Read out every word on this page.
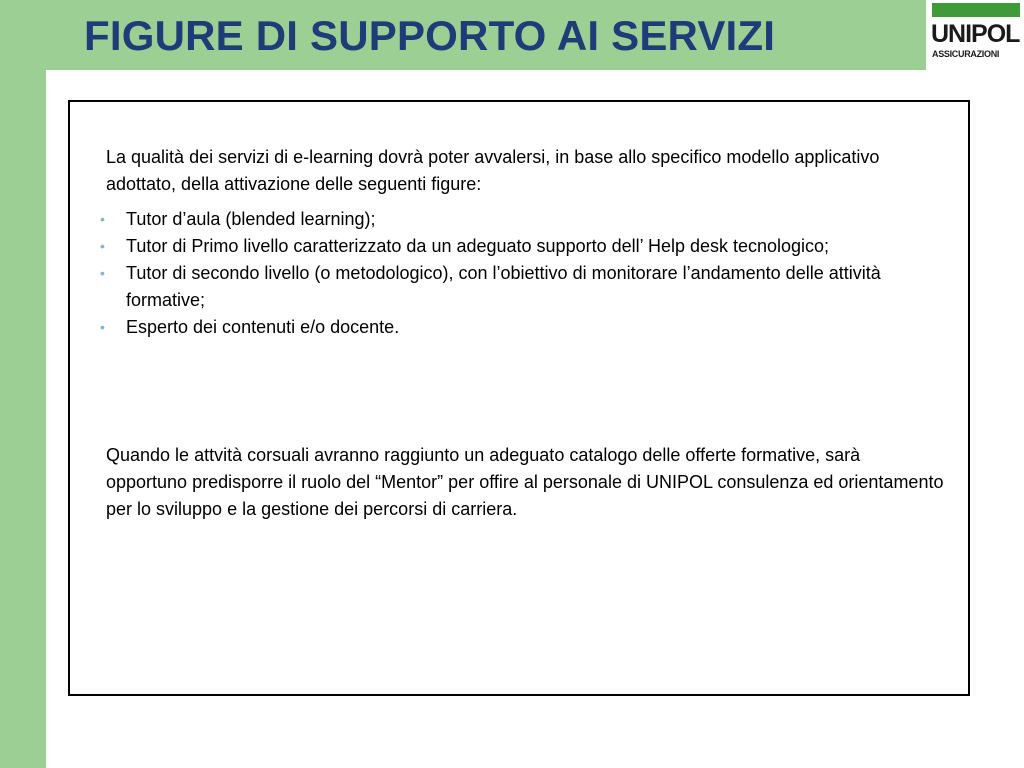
FIGURE DI SUPPORTO AI SERVIZI	UNIPOL
ASSICURAZIONI

La qualità dei servizi di e-learning dovrà poter avvalersi, in base allo specifico modello applicativo adottato, della attivazione delle seguenti figure:

• Tutor d’aula (blended learning);
• Tutor di Primo livello caratterizzato da un adeguato supporto dell’ Help desk tecnologico;
• Tutor di secondo livello (o metodologico), con l’obiettivo di monitorare l’andamento delle attività formative;
• Esperto dei contenuti e/o docente.

Quando le attvità corsuali avranno raggiunto un adeguato catalogo delle offerte formative, sarà opportuno predisporre il ruolo del “Mentor” per offire al personale di UNIPOL consulenza ed orientamento per lo sviluppo e la gestione dei percorsi di carriera.
